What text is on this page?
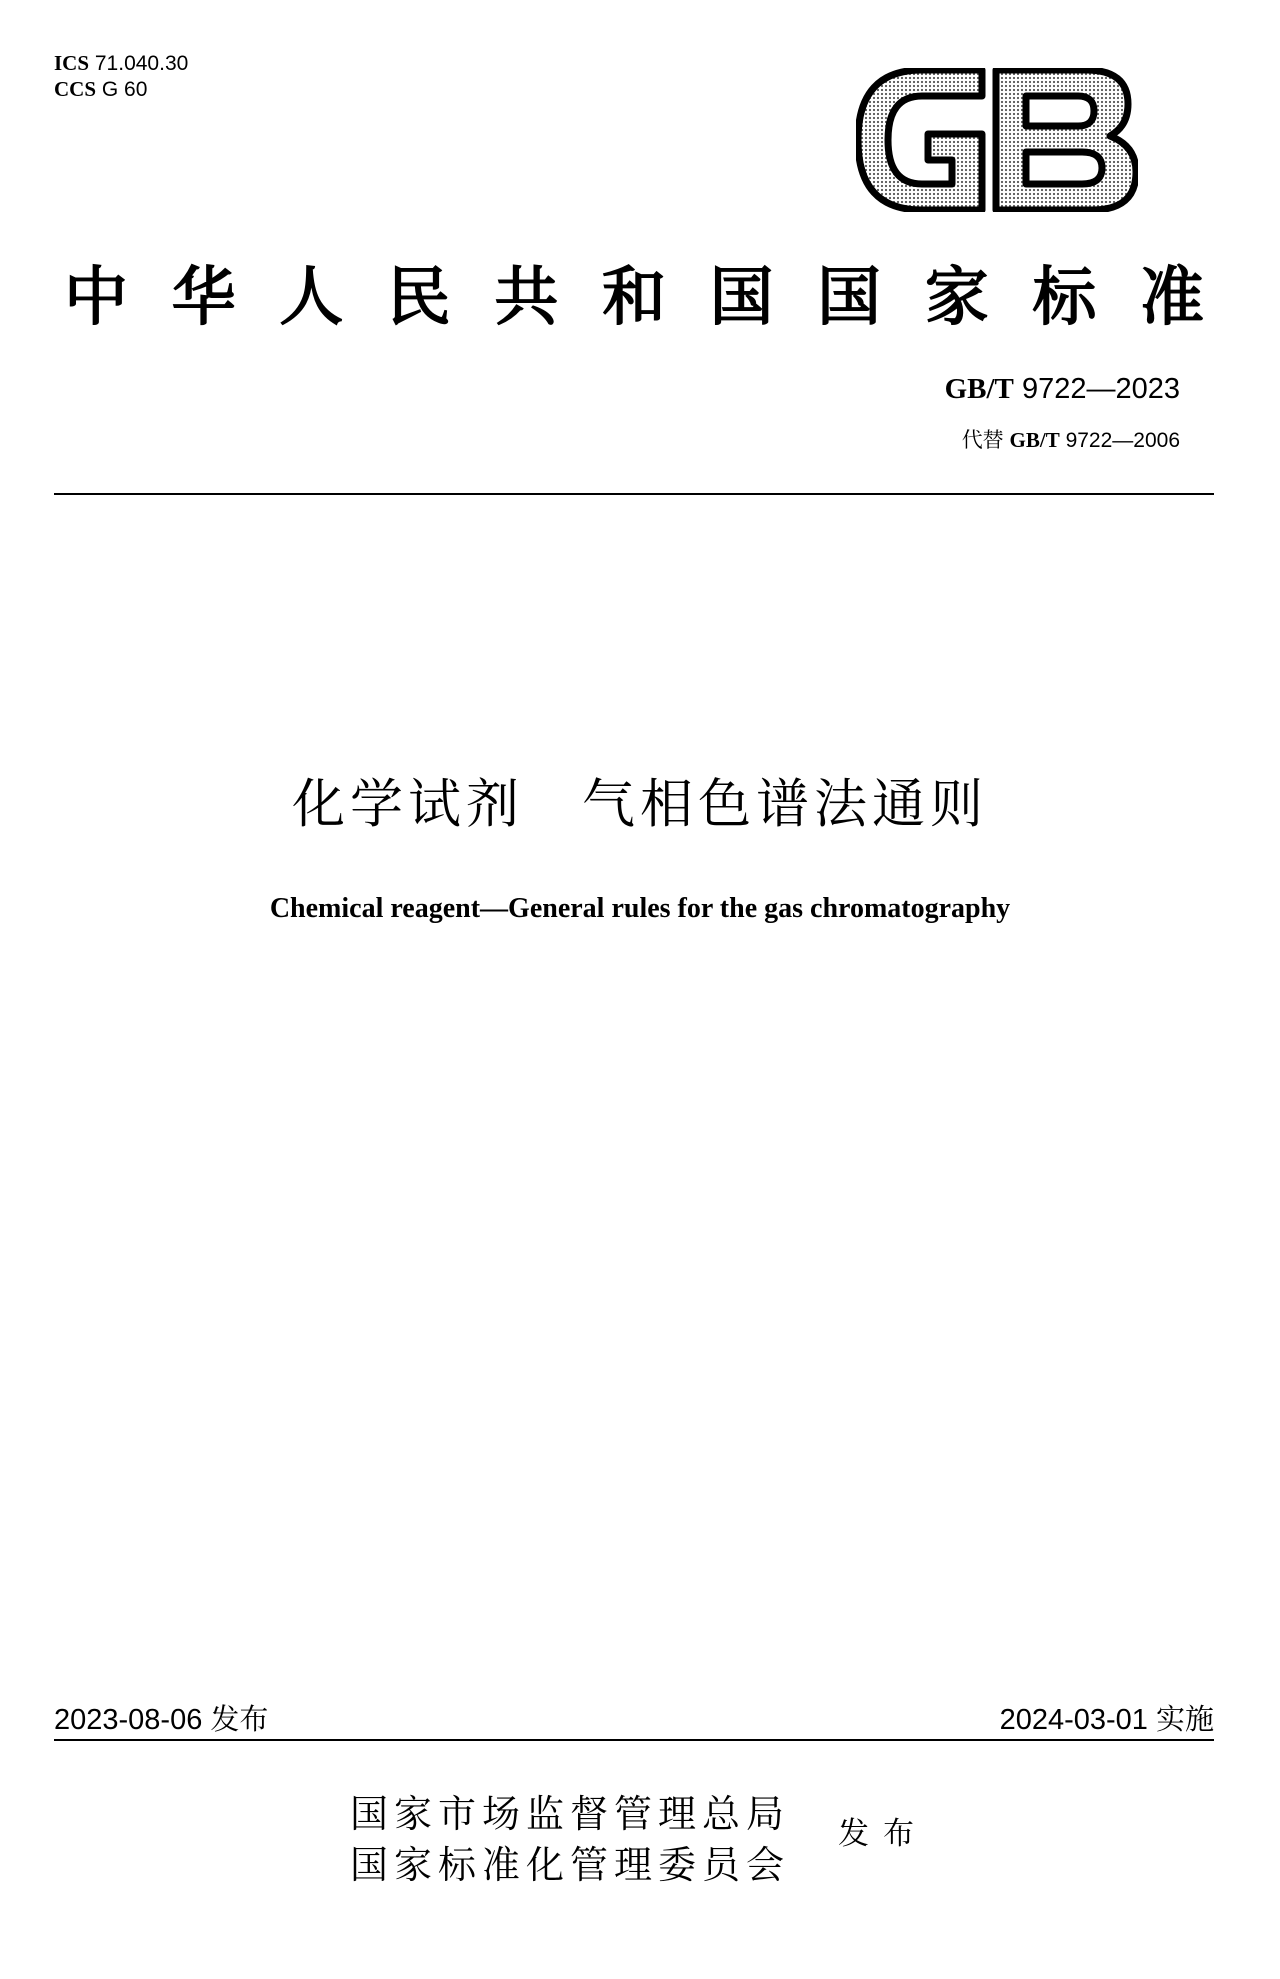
ICS 71.040.30
CCS G 60
中 华 人 民 共 和 国 国 家 标 准
GB/T 9722—2023
代替 GB/T 9722—2006
化学试剂　气相色谱法通则
Chemical reagent—General rules for the gas chromatography
2023-08-06 发布	2024-03-01 实施
国家市场监督管理总局
国家标准化管理委员会
发布
